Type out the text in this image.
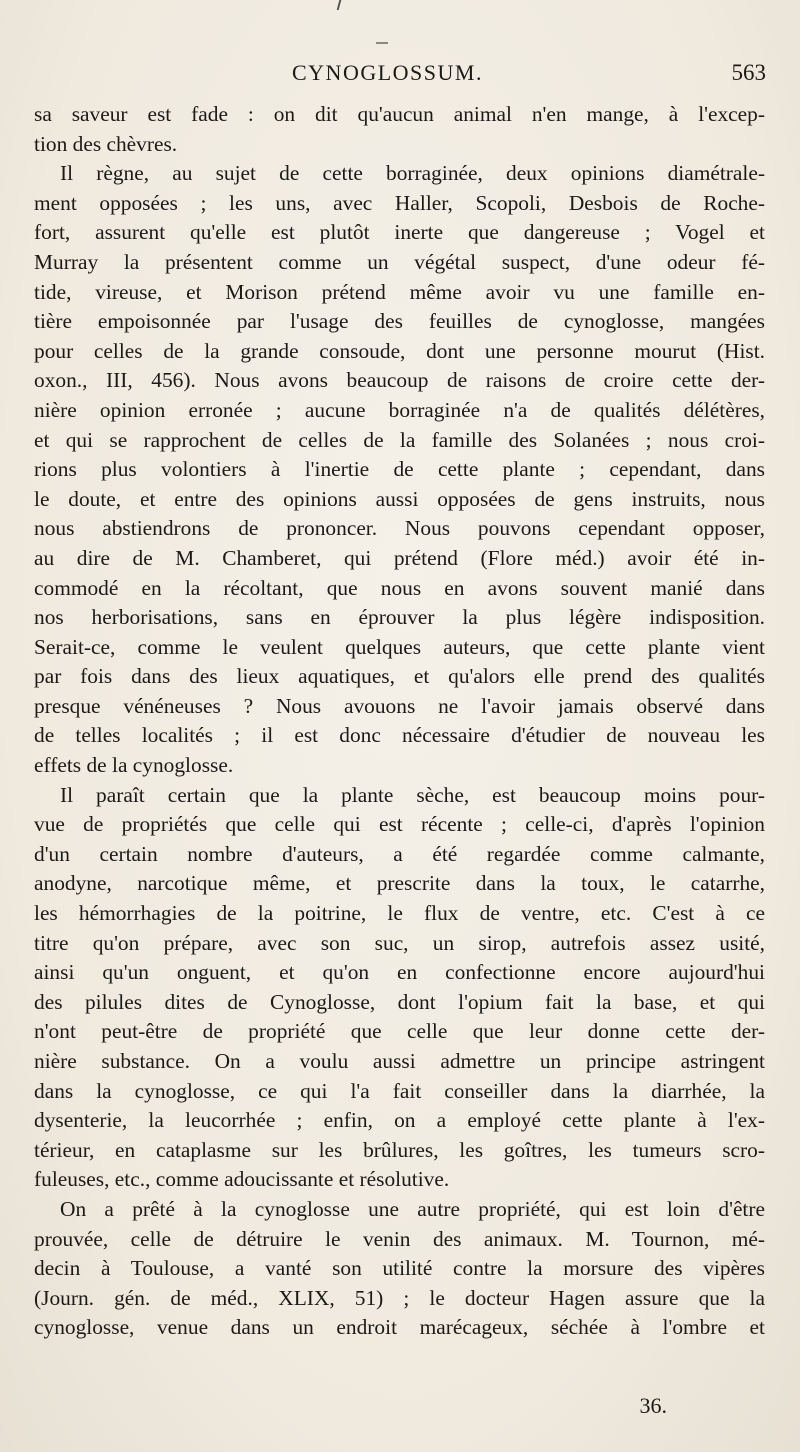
CYNOGLOSSUM.	563
sa saveur est fade : on dit qu'aucun animal n'en mange, à l'excep-
tion des chèvres.
Il règne, au sujet de cette borraginée, deux opinions diamétrale-
ment opposées ; les uns, avec Haller, Scopoli, Desbois de Roche-
fort, assurent qu'elle est plutôt inerte que dangereuse ; Vogel et
Murray la présentent comme un végétal suspect, d'une odeur fé-
tide, vireuse, et Morison prétend même avoir vu une famille en-
tière empoisonnée par l'usage des feuilles de cynoglosse, mangées
pour celles de la grande consoude, dont une personne mourut (Hist.
oxon., III, 456). Nous avons beaucoup de raisons de croire cette der-
nière opinion erronée ; aucune borraginée n'a de qualités délétères,
et qui se rapprochent de celles de la famille des Solanées ; nous croi-
rions plus volontiers à l'inertie de cette plante ; cependant, dans
le doute, et entre des opinions aussi opposées de gens instruits, nous
nous abstiendrons de prononcer. Nous pouvons cependant opposer,
au dire de M. Chamberet, qui prétend (Flore méd.) avoir été in-
commodé en la récoltant, que nous en avons souvent manié dans
nos herborisations, sans en éprouver la plus légère indisposition.
Serait-ce, comme le veulent quelques auteurs, que cette plante vient
par fois dans des lieux aquatiques, et qu'alors elle prend des qualités
presque vénéneuses ? Nous avouons ne l'avoir jamais observé dans
de telles localités ; il est donc nécessaire d'étudier de nouveau les
effets de la cynoglosse.
Il paraît certain que la plante sèche, est beaucoup moins pour-
vue de propriétés que celle qui est récente ; celle-ci, d'après l'opinion
d'un certain nombre d'auteurs, a été regardée comme calmante,
anodyne, narcotique même, et prescrite dans la toux, le catarrhe,
les hémorrhagies de la poitrine, le flux de ventre, etc. C'est à ce
titre qu'on prépare, avec son suc, un sirop, autrefois assez usité,
ainsi qu'un onguent, et qu'on en confectionne encore aujourd'hui
des pilules dites de Cynoglosse, dont l'opium fait la base, et qui
n'ont peut-être de propriété que celle que leur donne cette der-
nière substance. On a voulu aussi admettre un principe astringent
dans la cynoglosse, ce qui l'a fait conseiller dans la diarrhée, la
dysenterie, la leucorrhée ; enfin, on a employé cette plante à l'ex-
térieur, en cataplasme sur les brûlures, les goîtres, les tumeurs scro-
fuleuses, etc., comme adoucissante et résolutive.
On a prêté à la cynoglosse une autre propriété, qui est loin d'être
prouvée, celle de détruire le venin des animaux. M. Tournon, mé-
decin à Toulouse, a vanté son utilité contre la morsure des vipères
(Journ. gén. de méd., XLIX, 51) ; le docteur Hagen assure que la
cynoglosse, venue dans un endroit marécageux, séchée à l'ombre et
36.
